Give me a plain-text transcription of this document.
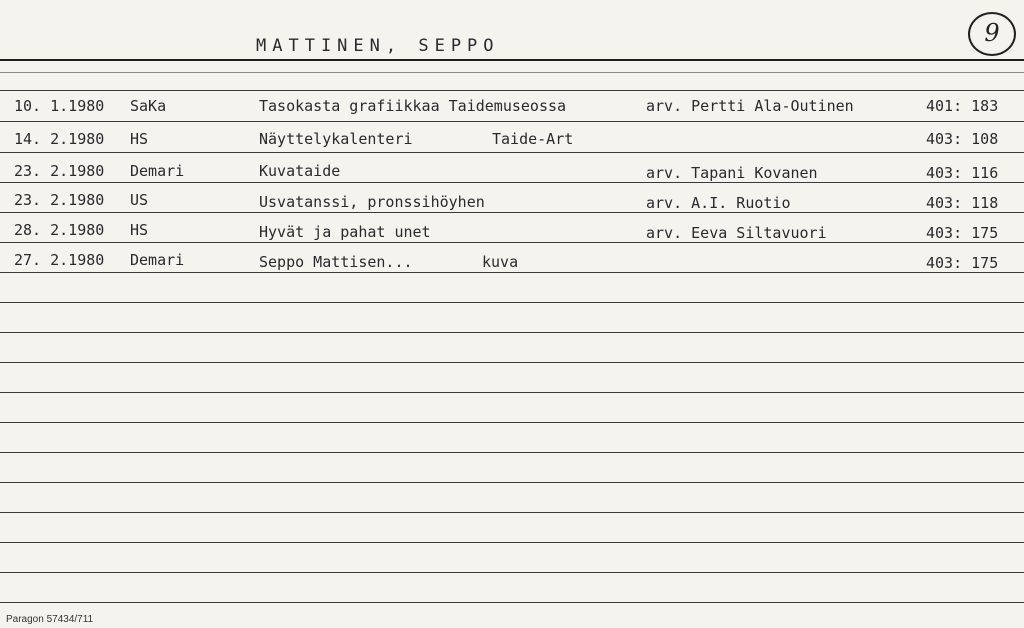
MATTINEN, SEPPO	9
10. 1.1980 SaKa	Tasokasta grafiikkaa Taidemuseossa	arv. Pertti Ala-Outinen	401: 183
14. 2.1980 HS	Näyttelykalenteri	Taide-Art	403: 108
23. 2.1980 Demari	Kuvataide	arv. Tapani Kovanen	403: 116
23. 2.1980 US	Usvatanssi, pronssihöyhen	arv. A.I. Ruotio	403: 118
28. 2.1980 HS	Hyvät ja pahat unet	arv. Eeva Siltavuori	403: 175
27. 2.1980 Demari	Seppo Mattisen...	kuva	403: 175
Paragon 57434/711
